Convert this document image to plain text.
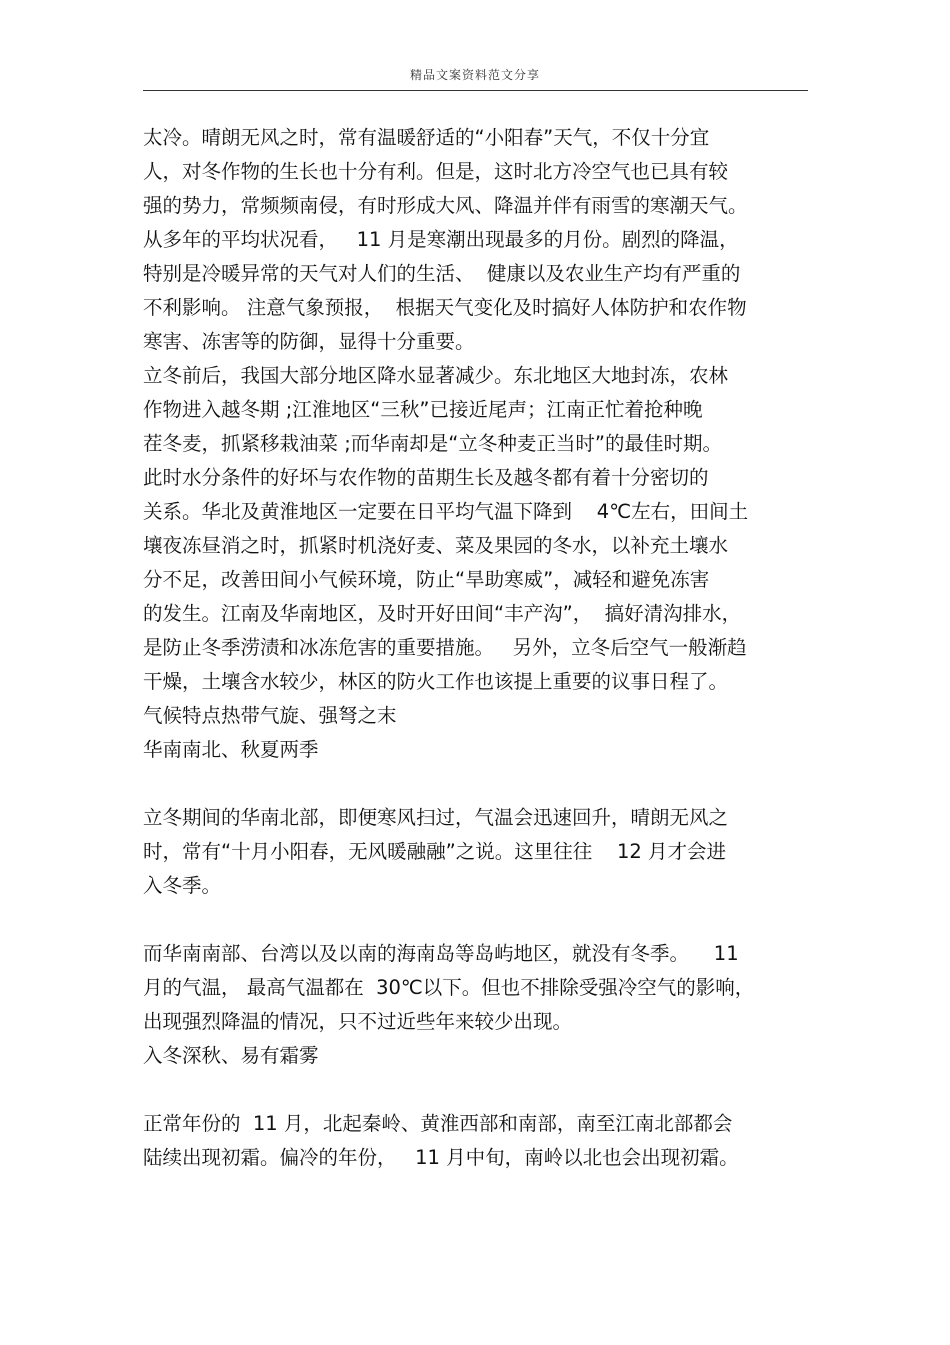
精品文案资料范文分享
太冷。晴朗无风之时，常有温暖舒适的“小阳春”天气，不仅十分宜
人，对冬作物的生长也十分有利。但是，这时北方冷空气也已具有较
强的势力，常频频南侵，有时形成大风、降温并伴有雨雪的寒潮天气。
从多年的平均状况看，   11 月是寒潮出现最多的月份。剧烈的降温，
特别是冷暖异常的天气对人们的生活、  健康以及农业生产均有严重的
不利影响。 注意气象预报，  根据天气变化及时搞好人体防护和农作物
寒害、冻害等的防御，显得十分重要。
立冬前后，我国大部分地区降水显著减少。东北地区大地封冻，农林
作物进入越冬期 ;江淮地区“三秋”已接近尾声；江南正忙着抢种晚
茬冬麦，抓紧移栽油菜 ;而华南却是“立冬种麦正当时”的最佳时期。
此时水分条件的好坏与农作物的苗期生长及越冬都有着十分密切的
关系。华北及黄淮地区一定要在日平均气温下降到    4℃左右，田间土
壤夜冻昼消之时，抓紧时机浇好麦、菜及果园的冬水，以补充土壤水
分不足，改善田间小气候环境，防止“旱助寒威”，减轻和避免冻害
的发生。江南及华南地区，及时开好田间“丰产沟”，  搞好清沟排水，
是防止冬季涝渍和冰冻危害的重要措施。   另外，立冬后空气一般渐趋
干燥，土壤含水较少，林区的防火工作也该提上重要的议事日程了。
气候特点热带气旋、强弩之末
华南南北、秋夏两季
立冬期间的华南北部，即便寒风扫过，气温会迅速回升，晴朗无风之
时，常有“十月小阳春，无风暖融融”之说。这里往往    12 月才会进
入冬季。
而华南南部、台湾以及以南的海南岛等岛屿地区，就没有冬季。    11
月的气温， 最高气温都在  30℃以下。但也不排除受强冷空气的影响，
出现强烈降温的情况，只不过近些年来较少出现。
入冬深秋、易有霜雾
正常年份的  11 月，北起秦岭、黄淮西部和南部，南至江南北部都会
陆续出现初霜。偏冷的年份，   11 月中旬，南岭以北也会出现初霜。
